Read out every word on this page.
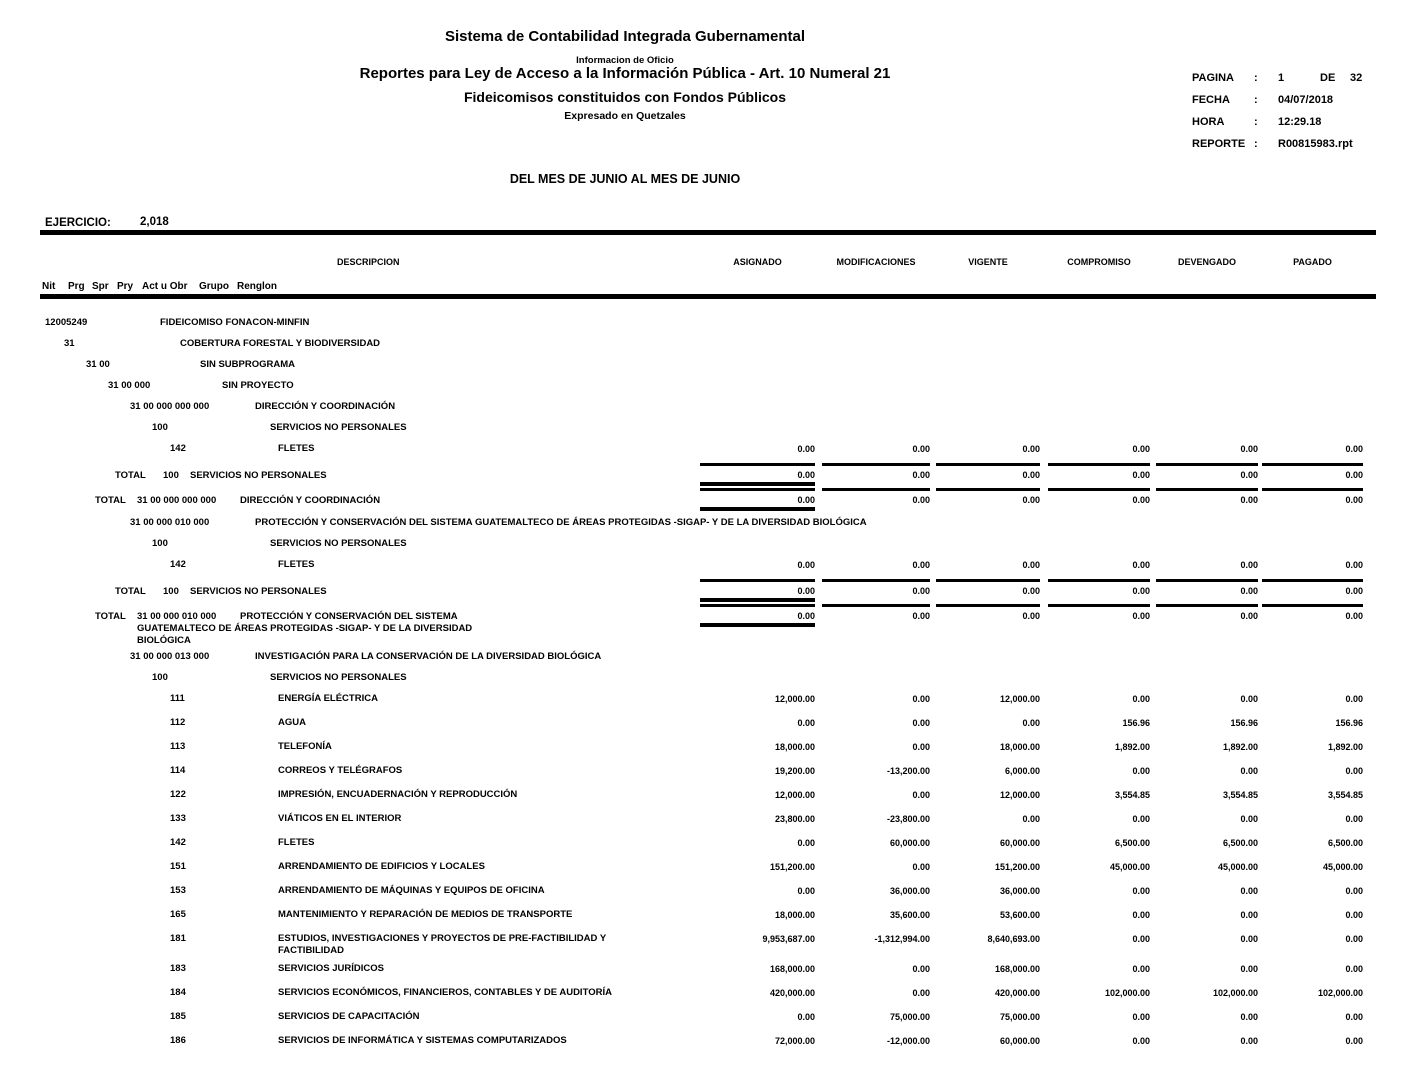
Sistema de Contabilidad Integrada Gubernamental
Informacion de Oficio
Reportes para Ley de Acceso a la Información Pública - Art. 10 Numeral 21
Fideicomisos constituidos con Fondos Públicos
Expresado en Quetzales
DEL MES DE JUNIO AL MES DE JUNIO
PAGINA : 1	DE 32
FECHA : 04/07/2018
HORA	: 12:29.18
REPORTE : R00815983.rpt
EJERCICIO:	2,018
DESCRIPCION	ASIGNADO	MODIFICACIONES	VIGENTE	COMPROMISO	DEVENGADO	PAGADO
Nit Prg Spr Pry Act u Obr Grupo Renglon
12005249	FIDEICOMISO FONACON-MINFIN
31	COBERTURA FORESTAL Y BIODIVERSIDAD
31 00	SIN SUBPROGRAMA
31 00 000	SIN PROYECTO
31 00 000 000 000	DIRECCIÓN Y COORDINACIÓN
100	SERVICIOS NO PERSONALES
142	FLETES	0.00	0.00	0.00	0.00	0.00	0.00
TOTAL 100 SERVICIOS NO PERSONALES	0.00	0.00	0.00	0.00	0.00	0.00
TOTAL 31 00 000 000 000	DIRECCIÓN Y COORDINACIÓN	0.00	0.00	0.00	0.00	0.00	0.00
31 00 000 010 000	PROTECCIÓN Y CONSERVACIÓN DEL SISTEMA GUATEMALTECO DE ÁREAS PROTEGIDAS -SIGAP- Y DE LA DIVERSIDAD BIOLÓGICA
100	SERVICIOS NO PERSONALES
142	FLETES	0.00	0.00	0.00	0.00	0.00	0.00
TOTAL 100 SERVICIOS NO PERSONALES	0.00	0.00	0.00	0.00	0.00	0.00
TOTAL 31 00 000 010 000	PROTECCIÓN Y CONSERVACIÓN DEL SISTEMA
GUATEMALTECO DE ÁREAS PROTEGIDAS -SIGAP- Y DE LA DIVERSIDAD
BIOLÓGICA
0.00	0.00	0.00	0.00	0.00	0.00
31 00 000 013 000	INVESTIGACIÓN PARA LA CONSERVACIÓN DE LA DIVERSIDAD BIOLÓGICA
100	SERVICIOS NO PERSONALES
111	ENERGÍA ELÉCTRICA	12,000.00	0.00	12,000.00	0.00	0.00	0.00
112	AGUA	0.00	0.00	0.00	156.96	156.96	156.96
113	TELEFONÍA	18,000.00	0.00	18,000.00	1,892.00	1,892.00	1,892.00
114	CORREOS Y TELÉGRAFOS	19,200.00	-13,200.00	6,000.00	0.00	0.00	0.00
122	IMPRESIÓN, ENCUADERNACIÓN Y REPRODUCCIÓN	12,000.00	0.00	12,000.00	3,554.85	3,554.85	3,554.85
133	VIÁTICOS EN EL INTERIOR	23,800.00	-23,800.00	0.00	0.00	0.00	0.00
142	FLETES	0.00	60,000.00	60,000.00	6,500.00	6,500.00	6,500.00
151	ARRENDAMIENTO DE EDIFICIOS Y LOCALES	151,200.00	0.00	151,200.00	45,000.00	45,000.00	45,000.00
153	ARRENDAMIENTO DE MÁQUINAS Y EQUIPOS DE OFICINA	0.00	36,000.00	36,000.00	0.00	0.00	0.00
165	MANTENIMIENTO Y REPARACIÓN DE MEDIOS DE TRANSPORTE	18,000.00	35,600.00	53,600.00	0.00	0.00	0.00
181	ESTUDIOS, INVESTIGACIONES Y PROYECTOS DE PRE-FACTIBILIDAD Y
FACTIBILIDAD
9,953,687.00	-1,312,994.00	8,640,693.00	0.00	0.00	0.00
183	SERVICIOS JURÍDICOS	168,000.00	0.00	168,000.00	0.00	0.00	0.00
184	SERVICIOS ECONÓMICOS, FINANCIEROS, CONTABLES Y DE AUDITORÍA	420,000.00	0.00	420,000.00	102,000.00	102,000.00	102,000.00
185	SERVICIOS DE CAPACITACIÓN	0.00	75,000.00	75,000.00	0.00	0.00	0.00
186	SERVICIOS DE INFORMÁTICA Y SISTEMAS COMPUTARIZADOS	72,000.00	-12,000.00	60,000.00	0.00	0.00	0.00
